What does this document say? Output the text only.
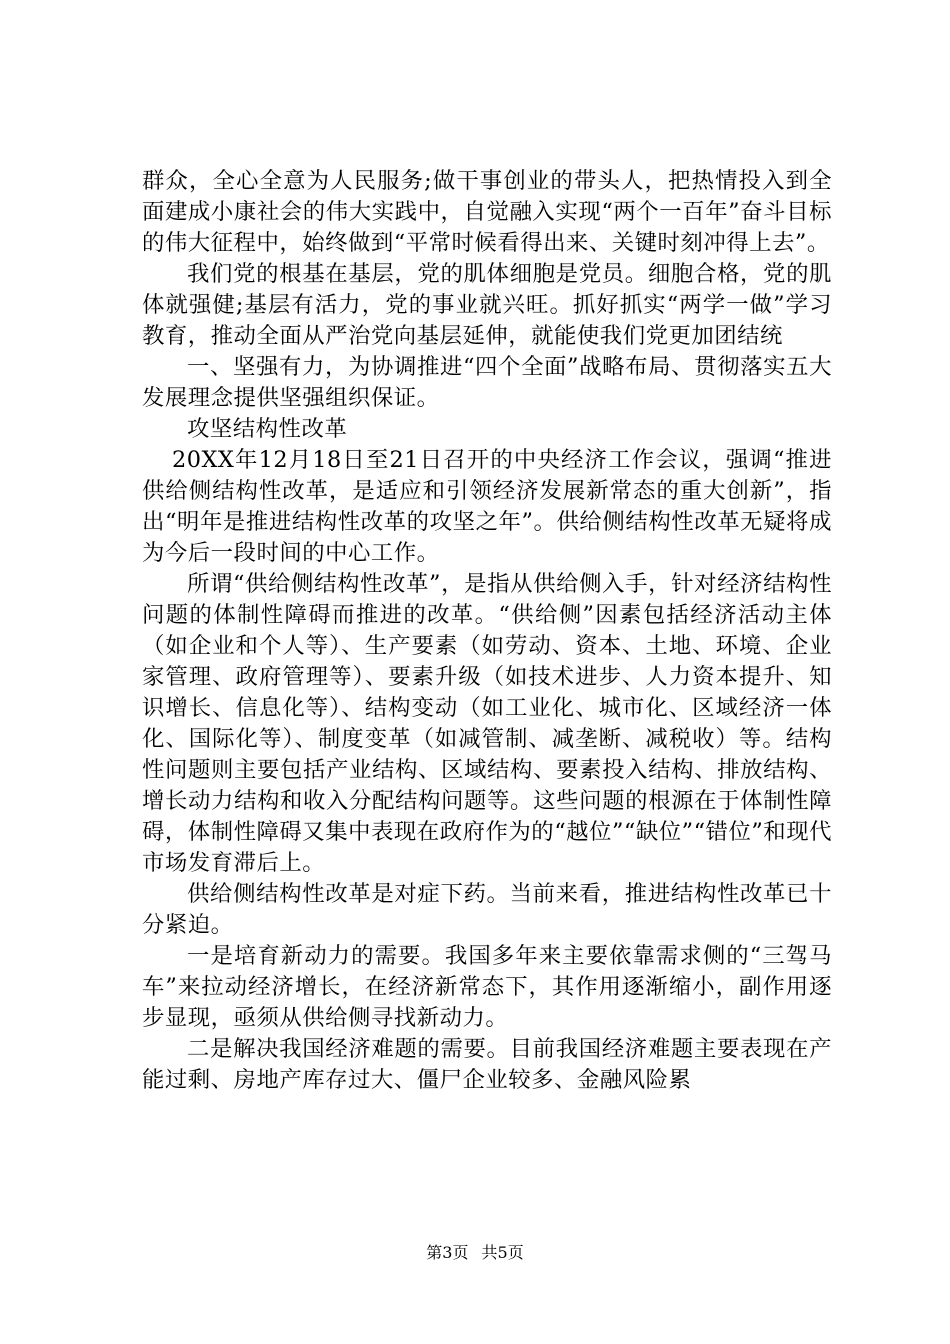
群众，全心全意为人民服务;做干事创业的带头人，把热情投入到全面建成小康社会的伟大实践中，自觉融入实现“两个一百年”奋斗目标的伟大征程中，始终做到“平常时候看得出来、关键时刻冲得上去”。

我们党的根基在基层，党的肌体细胞是党员。细胞合格，党的肌体就强健;基层有活力，党的事业就兴旺。抓好抓实“两学一做”学习教育，推动全面从严治党向基层延伸，就能使我们党更加团结统

一、坚强有力，为协调推进“四个全面”战略布局、贯彻落实五大发展理念提供坚强组织保证。

攻坚结构性改革

20XX年12月18日至21日召开的中央经济工作会议，强调“推进供给侧结构性改革，是适应和引领经济发展新常态的重大创新”，指出“明年是推进结构性改革的攻坚之年”。供给侧结构性改革无疑将成为今后一段时间的中心工作。

所谓“供给侧结构性改革”，是指从供给侧入手，针对经济结构性问题的体制性障碍而推进的改革。“供给侧”因素包括经济活动主体（如企业和个人等）、生产要素（如劳动、资本、土地、环境、企业家管理、政府管理等）、要素升级（如技术进步、人力资本提升、知识增长、信息化等）、结构变动（如工业化、城市化、区域经济一体化、国际化等）、制度变革（如减管制、减垄断、减税收）等。结构性问题则主要包括产业结构、区域结构、要素投入结构、排放结构、增长动力结构和收入分配结构问题等。这些问题的根源在于体制性障碍，体制性障碍又集中表现在政府作为的“越位”“缺位”“错位”和现代市场发育滞后上。

供给侧结构性改革是对症下药。当前来看，推进结构性改革已十分紧迫。

一是培育新动力的需要。我国多年来主要依靠需求侧的“三驾马车”来拉动经济增长，在经济新常态下，其作用逐渐缩小，副作用逐步显现，亟须从供给侧寻找新动力。

二是解决我国经济难题的需要。目前我国经济难题主要表现在产能过剩、房地产库存过大、僵尸企业较多、金融风险累

第3页 共5页
